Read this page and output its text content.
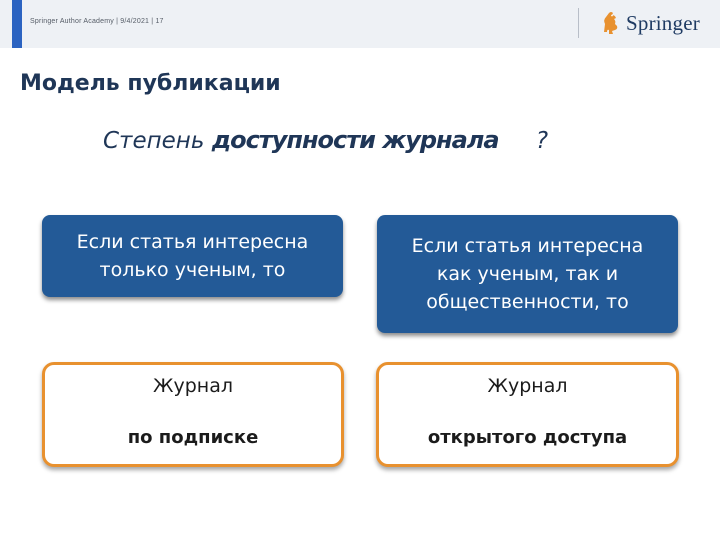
Springer Author Academy | 9/4/2021 | 17	Springer
Модель публикации
Степень доступности журнала ?
Если статья интересна
только ученым, то
Если статья интересна
как ученым, так и
общественности, то
Журнал
по подписке
Журнал
открытого доступа
